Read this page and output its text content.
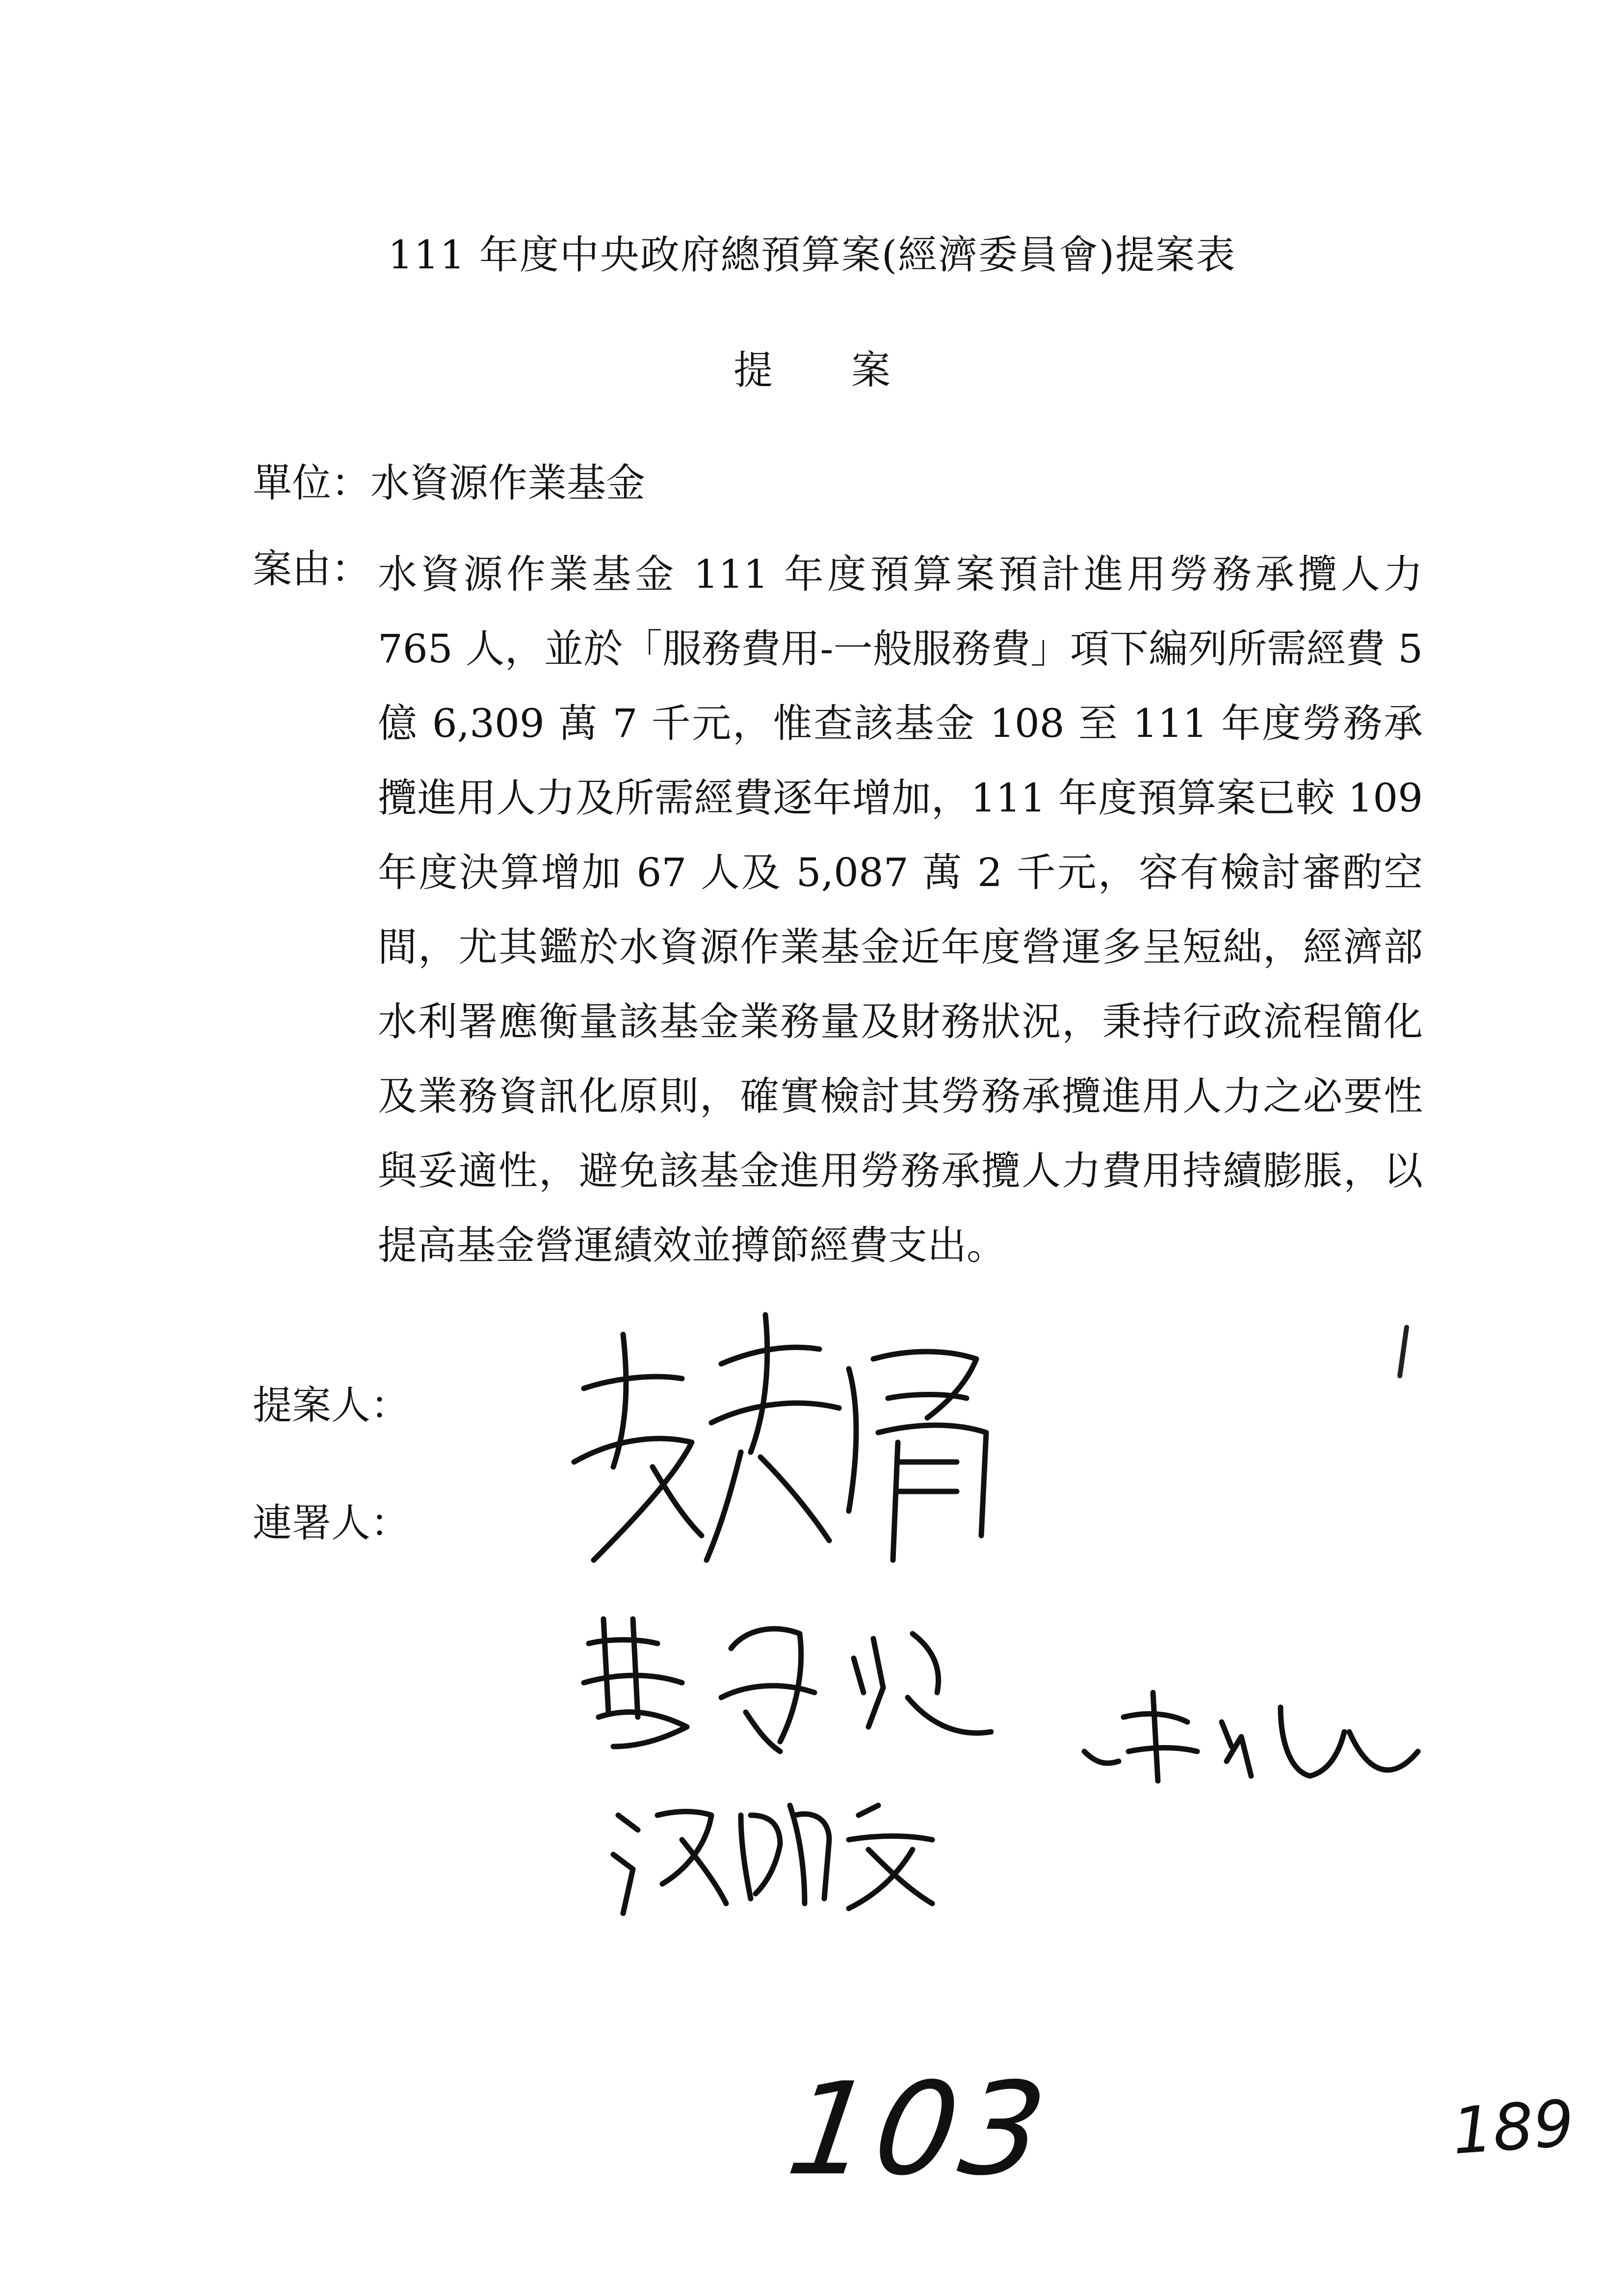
111 年度中央政府總預算案(經濟委員會)提案表
提案
單位：水資源作業基金
案由： 水資源作業基金 111 年度預算案預計進用勞務承攬人力 765 人，並於「服務費用-一般服務費」項下編列所需經費 5 億 6,309 萬 7 千元，惟查該基金 108 至 111 年度勞務承攬進用人力及所需經費逐年增加，111 年度預算案已較 109 年度決算增加 67 人及 5,087 萬 2 千元，容有檢討審酌空間，尤其鑑於水資源作業基金近年度營運多呈短絀，經濟部水利署應衡量該基金業務量及財務狀況，秉持行政流程簡化及業務資訊化原則，確實檢討其勞務承攬進用人力之必要性與妥適性，避免該基金進用勞務承攬人力費用持續膨脹，以提高基金營運績效並撙節經費支出。
提案人：
連署人：
103	189
